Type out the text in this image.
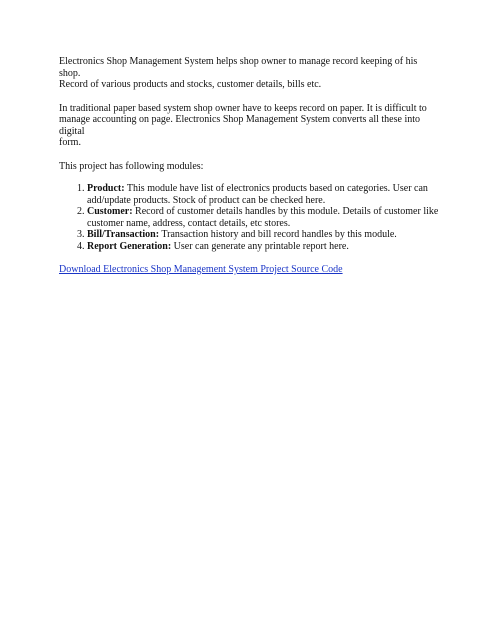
Electronics Shop Management System helps shop owner to manage record keeping of his shop.
Record of various products and stocks, customer details, bills etc.

In traditional paper based system shop owner have to keeps record on paper. It is difficult to
manage accounting on page. Electronics Shop Management System converts all these into digital
form.

This project has following modules:

1. Product: This module have list of electronics products based on categories. User can
add/update products. Stock of product can be checked here.
2. Customer: Record of customer details handles by this module. Details of customer like
customer name, address, contact details, etc stores.
3. Bill/Transaction: Transaction history and bill record handles by this module.
4. Report Generation: User can generate any printable report here.
Download Electronics Shop Management System Project Source Code
